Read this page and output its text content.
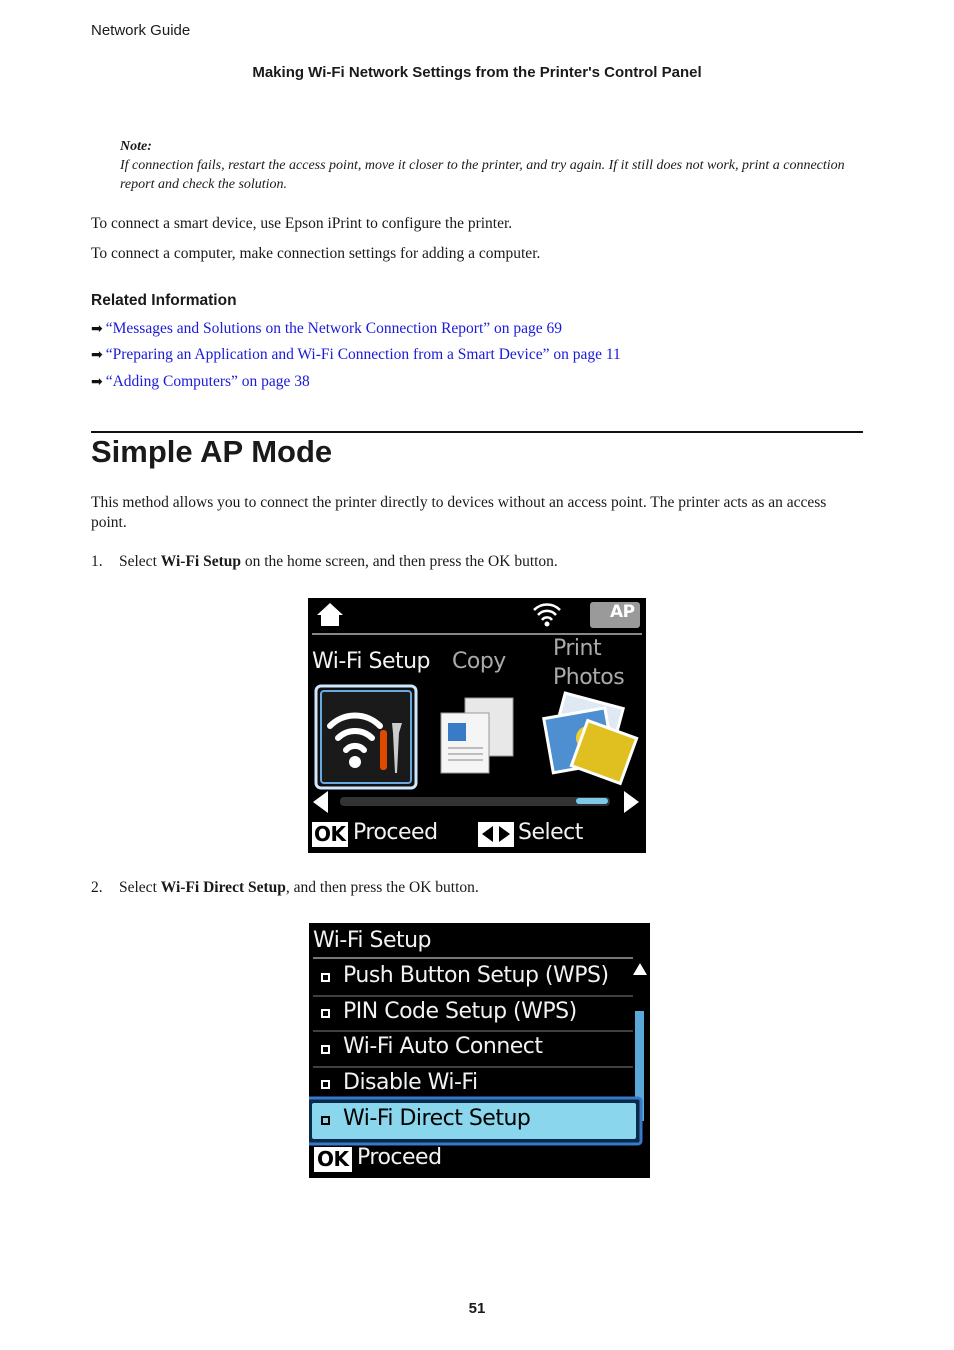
Network Guide
Making Wi-Fi Network Settings from the Printer's Control Panel
Note:
If connection fails, restart the access point, move it closer to the printer, and try again. If it still does not work, print a connection report and check the solution.
To connect a smart device, use Epson iPrint to configure the printer.
To connect a computer, make connection settings for adding a computer.
Related Information
➡ “Messages and Solutions on the Network Connection Report” on page 69
➡ “Preparing an Application and Wi-Fi Connection from a Smart Device” on page 11
➡ “Adding Computers” on page 38
Simple AP Mode
This method allows you to connect the printer directly to devices without an access point. The printer acts as an access point.
1. Select Wi-Fi Setup on the home screen, and then press the OK button.
AP
Wi-Fi Setup Copy
Print
Photos
OK Proceed	Select
2. Select Wi-Fi Direct Setup, and then press the OK button.
Wi-Fi Setup
Push Button Setup (WPS)
PIN Code Setup (WPS)
Wi-Fi Auto Connect
Disable Wi-Fi
Wi-Fi Direct Setup
OK Proceed
51
